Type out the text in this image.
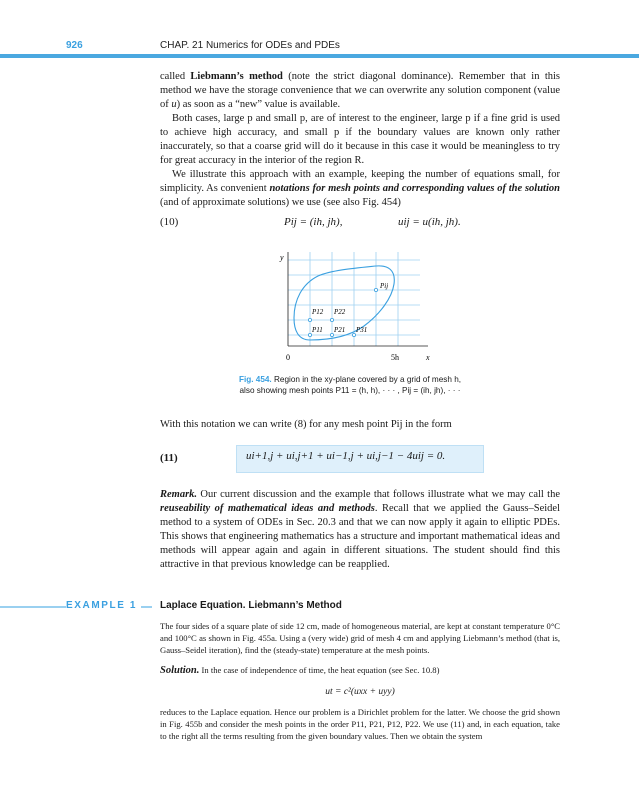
926	CHAP. 21 Numerics for ODEs and PDEs

called Liebmann’s method (note the strict diagonal dominance). Remember that in this method we have the storage convenience that we can overwrite any solution component (value of u) as soon as a “new” value is available.

Both cases, large p and small p, are of interest to the engineer, large p if a fine grid is used to achieve high accuracy, and small p if the boundary values are known only rather inaccurately, so that a coarse grid will do it because in this case it would be meaningless to try for great accuracy in the interior of the region R.

We illustrate this approach with an example, keeping the number of equations small, for simplicity. As convenient notations for mesh points and corresponding values of the solution (and of approximate solutions) we use (see also Fig. 454)

(10)	Pij = (ih, jh),	uij = u(ih, jh).
y
x
0	5h
P12 P22
P11 P21 P31
Pij
Fig. 454. Region in the xy-plane covered by a grid of mesh h,
also showing mesh points P11 = (h, h), · · · , Pij = (ih, jh), · · ·
With this notation we can write (8) for any mesh point Pij in the form
(11)	ui+1,j + ui,j+1 + ui−1,j + ui,j−1 − 4uij = 0.

Remark. Our current discussion and the example that follows illustrate what we may call the reuseability of mathematical ideas and methods. Recall that we applied the Gauss–Seidel method to a system of ODEs in Sec. 20.3 and that we can now apply it again to elliptic PDEs. This shows that engineering mathematics has a structure and important mathematical ideas and methods will appear again and again in different situations. The student should find this attractive in that previous knowledge can be reapplied.

EXAMPLE 1	Laplace Equation. Liebmann’s Method
The four sides of a square plate of side 12 cm, made of homogeneous material, are kept at constant temperature 0°C and 100°C as shown in Fig. 455a. Using a (very wide) grid of mesh 4 cm and applying Liebmann’s method (that is, Gauss–Seidel iteration), find the (steady-state) temperature at the mesh points.
Solution. In the case of independence of time, the heat equation (see Sec. 10.8)
ut = c²(uxx + uyy)
reduces to the Laplace equation. Hence our problem is a Dirichlet problem for the latter. We choose the grid shown in Fig. 455b and consider the mesh points in the order P11, P21, P12, P22. We use (11) and, in each equation, take to the right all the terms resulting from the given boundary values. Then we obtain the system
